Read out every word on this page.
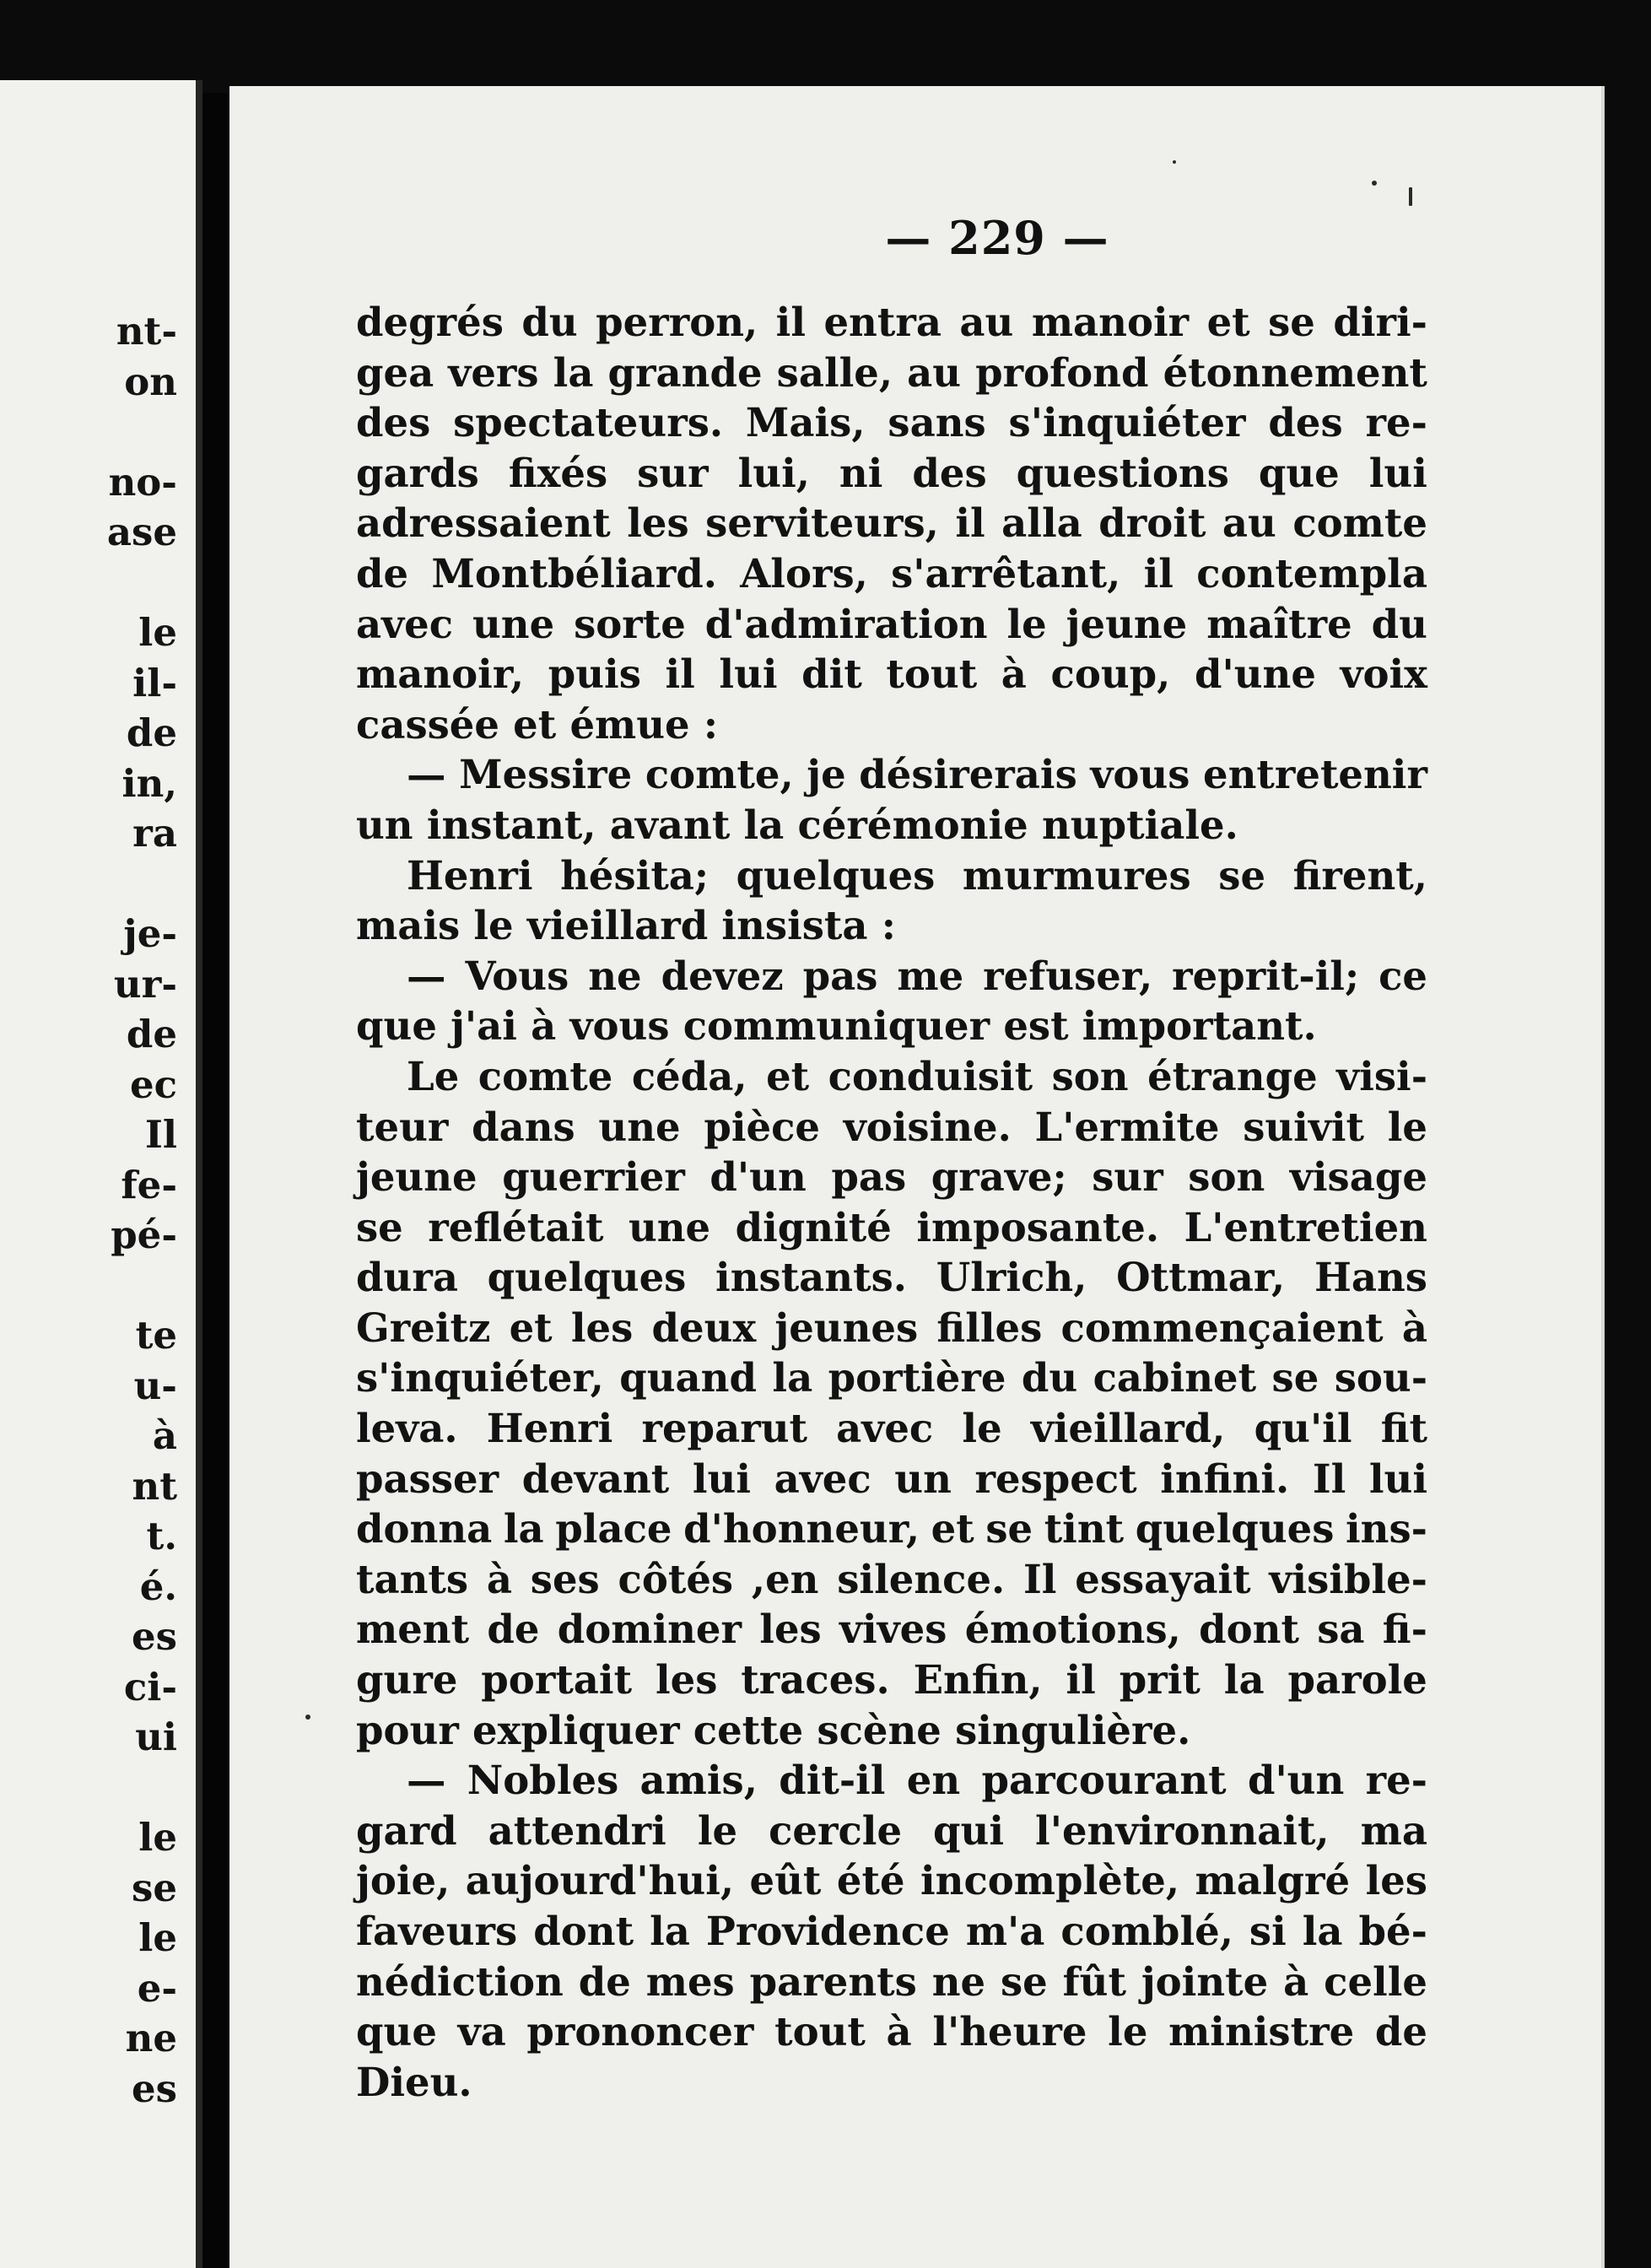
nt-
on
no-
ase
le
il-
de
in,
ra
je-
ur-
de
ec
Il
fe-
pé-
te
u-
à
nt
t.
é.
es
ci-
ui
le
se
le
e-
ne
es
— 229 —
degrés du perron, il entra au manoir et se diri-
gea vers la grande salle, au profond étonnement
des spectateurs. Mais, sans s'inquiéter des re-
gards fixés sur lui, ni des questions que lui
adressaient les serviteurs, il alla droit au comte
de Montbéliard. Alors, s'arrêtant, il contempla
avec une sorte d'admiration le jeune maître du
manoir, puis il lui dit tout à coup, d'une voix
cassée et émue :
— Messire comte, je désirerais vous entretenir
un instant, avant la cérémonie nuptiale.
Henri hésita; quelques murmures se firent,
mais le vieillard insista :
— Vous ne devez pas me refuser, reprit-il; ce
que j'ai à vous communiquer est important.
Le comte céda, et conduisit son étrange visi-
teur dans une pièce voisine. L'ermite suivit le
jeune guerrier d'un pas grave; sur son visage
se reflétait une dignité imposante. L'entretien
dura quelques instants. Ulrich, Ottmar, Hans
Greitz et les deux jeunes filles commençaient à
s'inquiéter, quand la portière du cabinet se sou-
leva. Henri reparut avec le vieillard, qu'il fit
passer devant lui avec un respect infini. Il lui
donna la place d'honneur, et se tint quelques ins-
tants à ses côtés ,en silence. Il essayait visible-
ment de dominer les vives émotions, dont sa fi-
gure portait les traces. Enfin, il prit la parole
pour expliquer cette scène singulière.
— Nobles amis, dit-il en parcourant d'un re-
gard attendri le cercle qui l'environnait, ma
joie, aujourd'hui, eût été incomplète, malgré les
faveurs dont la Providence m'a comblé, si la bé-
nédiction de mes parents ne se fût jointe à celle
que va prononcer tout à l'heure le ministre de
Dieu.
